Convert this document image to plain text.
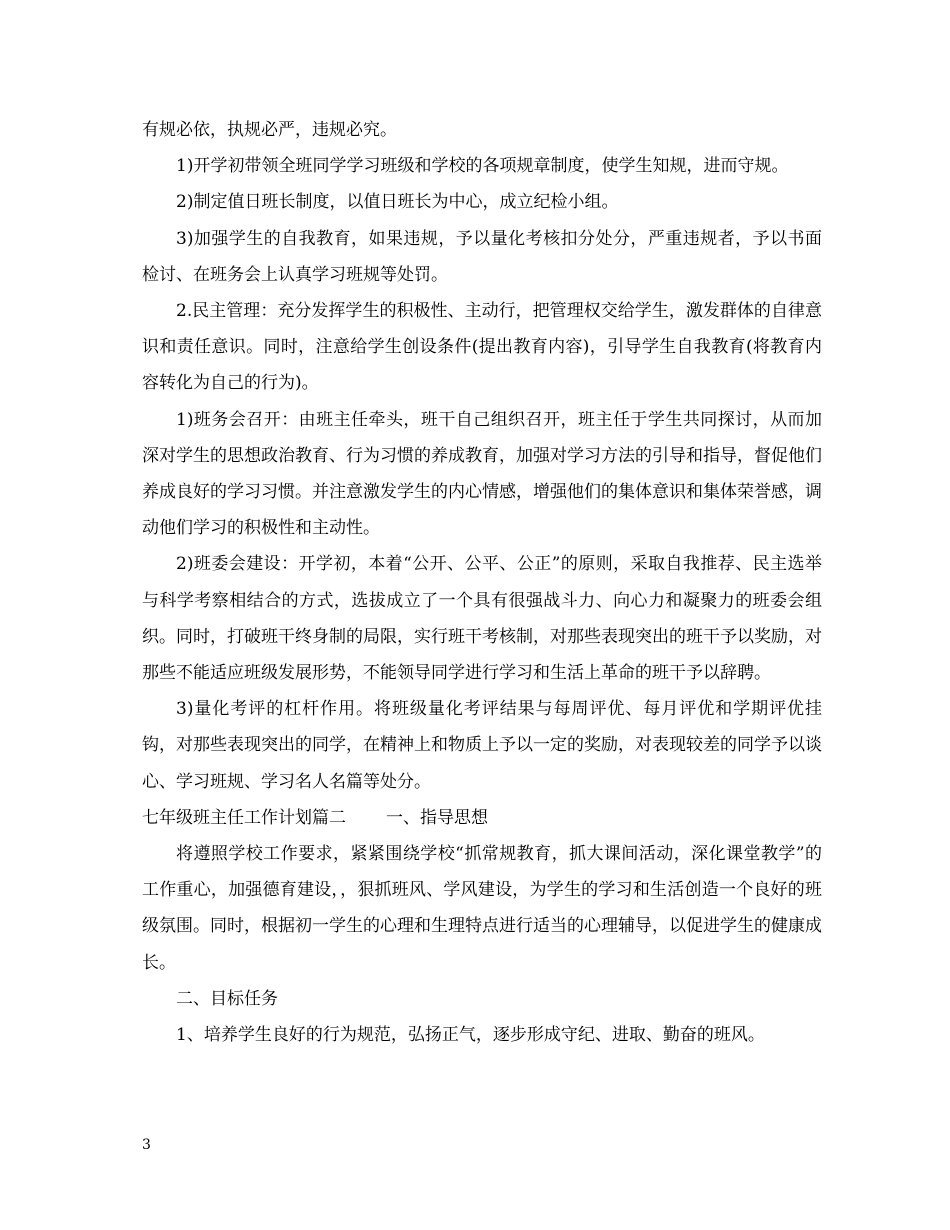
有规必依，执规必严，违规必究。

1)开学初带领全班同学学习班级和学校的各项规章制度，使学生知规，进而守规。

2)制定值日班长制度，以值日班长为中心，成立纪检小组。

3)加强学生的自我教育，如果违规，予以量化考核扣分处分，严重违规者，予以书面检讨、在班务会上认真学习班规等处罚。

2.民主管理：充分发挥学生的积极性、主动行，把管理权交给学生，激发群体的自律意识和责任意识。同时，注意给学生创设条件(提出教育内容)，引导学生自我教育(将教育内容转化为自己的行为)。

1)班务会召开：由班主任牵头，班干自己组织召开，班主任于学生共同探讨，从而加深对学生的思想政治教育、行为习惯的养成教育，加强对学习方法的引导和指导，督促他们养成良好的学习习惯。并注意激发学生的内心情感，增强他们的集体意识和集体荣誉感，调动他们学习的积极性和主动性。

2)班委会建设：开学初，本着“公开、公平、公正”的原则，采取自我推荐、民主选举与科学考察相结合的方式，选拔成立了一个具有很强战斗力、向心力和凝聚力的班委会组织。同时，打破班干终身制的局限，实行班干考核制，对那些表现突出的班干予以奖励，对那些不能适应班级发展形势，不能领导同学进行学习和生活上革命的班干予以辞聘。

3)量化考评的杠杆作用。将班级量化考评结果与每周评优、每月评优和学期评优挂钩，对那些表现突出的同学，在精神上和物质上予以一定的奖励，对表现较差的同学予以谈心、学习班规、学习名人名篇等处分。

七年级班主任工作计划篇二 一、指导思想

将遵照学校工作要求，紧紧围绕学校“抓常规教育，抓大课间活动，深化课堂教学”的工作重心，加强德育建设，，狠抓班风、学风建设，为学生的学习和生活创造一个良好的班级氛围。同时，根据初一学生的心理和生理特点进行适当的心理辅导，以促进学生的健康成长。

二、目标任务

1、培养学生良好的行为规范，弘扬正气，逐步形成守纪、进取、勤奋的班风。

3
